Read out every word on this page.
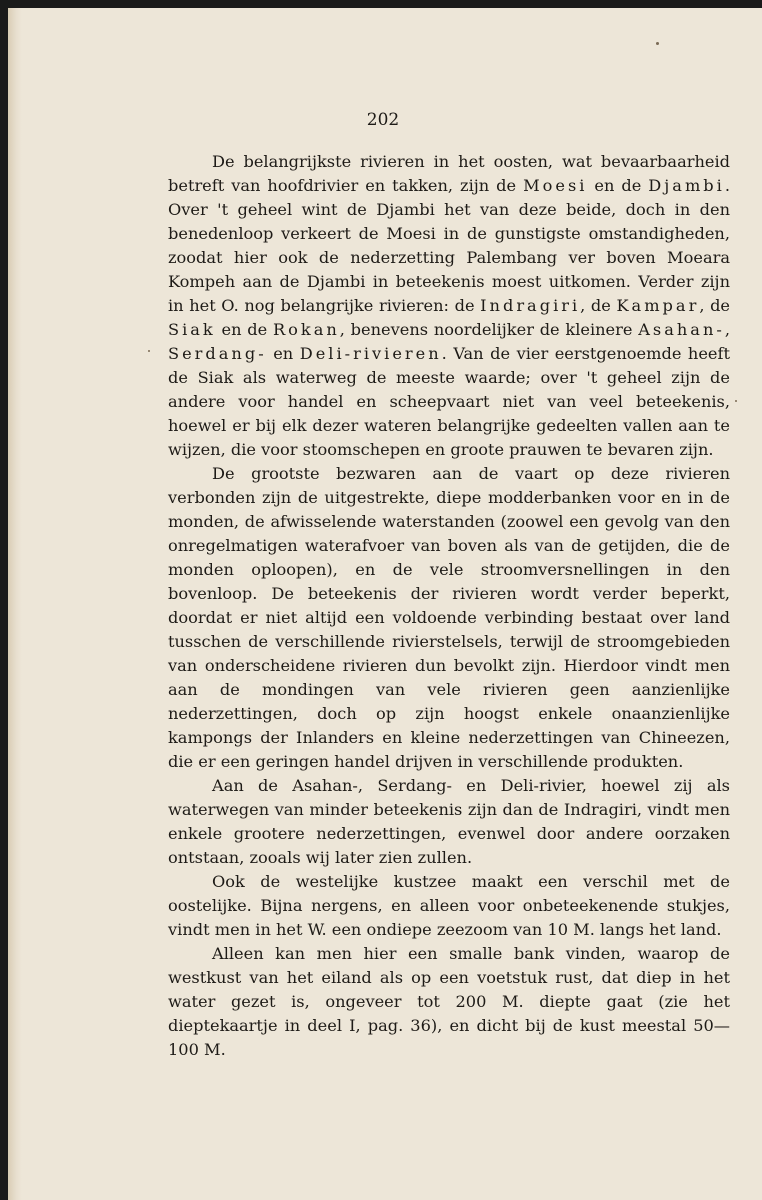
202

De belangrijkste rivieren in het oosten, wat bevaarbaarheid betreft van hoofdrivier en takken, zijn de Moesi en de Djambi. Over 't geheel wint de Djambi het van deze beide, doch in den benedenloop verkeert de Moesi in de gunstigste omstandigheden, zoodat hier ook de nederzetting Palembang ver boven Moeara Kompeh aan de Djambi in beteekenis moest uitkomen. Verder zijn in het O. nog belangrijke rivieren: de Indragiri, de Kampar, de Siak en de Rokan, benevens noordelijker de kleinere Asahan-, Serdang- en Deli-rivieren. Van de vier eerstgenoemde heeft de Siak als waterweg de meeste waarde; over 't geheel zijn de andere voor handel en scheepvaart niet van veel beteekenis, hoewel er bij elk dezer wateren belangrijke gedeelten vallen aan te wijzen, die voor stoomschepen en groote prauwen te bevaren zijn.

De grootste bezwaren aan de vaart op deze rivieren verbonden zijn de uitgestrekte, diepe modderbanken voor en in de monden, de afwisselende waterstanden (zoowel een gevolg van den onregelmatigen waterafvoer van boven als van de getijden, die de monden oploopen), en de vele stroomversnellingen in den bovenloop. De beteekenis der rivieren wordt verder beperkt, doordat er niet altijd een voldoende verbinding bestaat over land tusschen de verschillende rivierstelsels, terwijl de stroomgebieden van onderscheidene rivieren dun bevolkt zijn. Hierdoor vindt men aan de mondingen van vele rivieren geen aanzienlijke nederzettingen, doch op zijn hoogst enkele onaanzienlijke kampongs der Inlanders en kleine nederzettingen van Chineezen, die er een geringen handel drijven in verschillende produkten.

Aan de Asahan-, Serdang- en Deli-rivier, hoewel zij als waterwegen van minder beteekenis zijn dan de Indragiri, vindt men enkele grootere nederzettingen, evenwel door andere oorzaken ontstaan, zooals wij later zien zullen.

Ook de westelijke kustzee maakt een verschil met de oostelijke. Bijna nergens, en alleen voor onbeteekenende stukjes, vindt men in het W. een ondiepe zeezoom van 10 M. langs het land.

Alleen kan men hier een smalle bank vinden, waarop de westkust van het eiland als op een voetstuk rust, dat diep in het water gezet is, ongeveer tot 200 M. diepte gaat (zie het dieptekaartje in deel I, pag. 36), en dicht bij de kust meestal 50—100 M.
